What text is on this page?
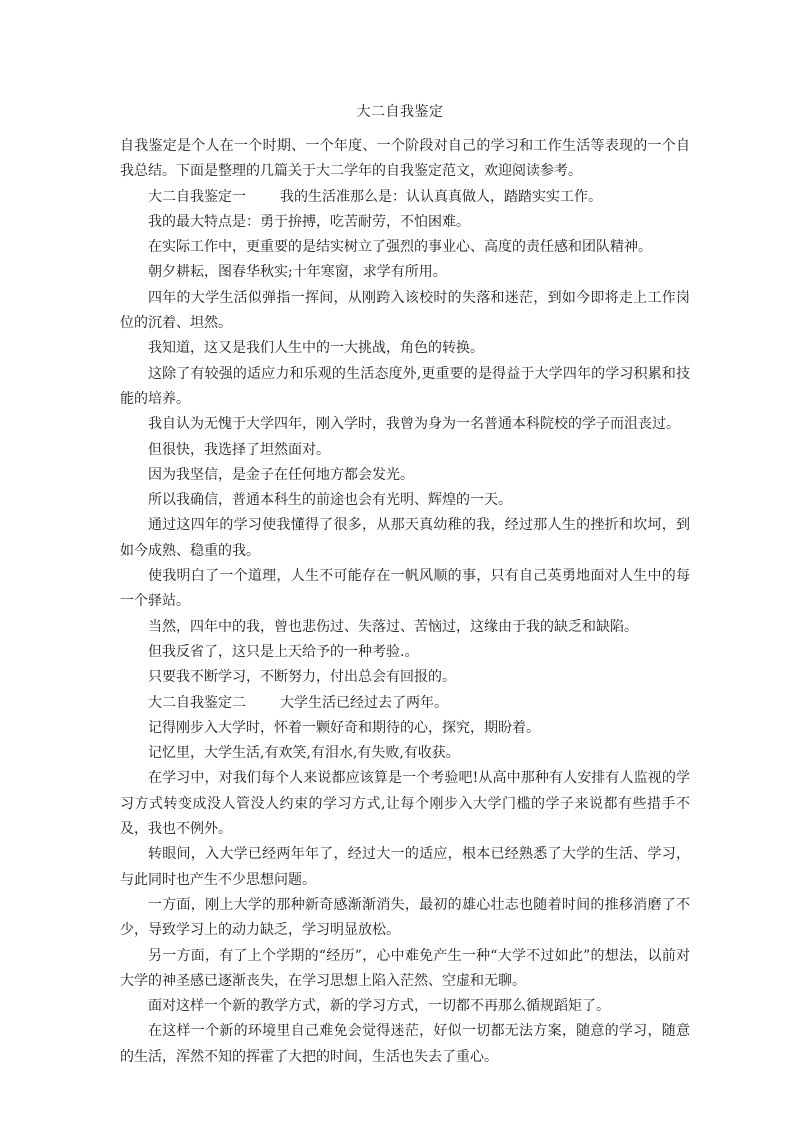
大二自我鉴定

自我鉴定是个人在一个时期、一个年度、一个阶段对自己的学习和工作生活等表现的一个自我总结。下面是整理的几篇关于大二学年的自我鉴定范文，欢迎阅读参考。

大二自我鉴定一 我的生活准那么是：认认真真做人，踏踏实实工作。

我的最大特点是：勇于拚搏，吃苦耐劳，不怕困难。

在实际工作中，更重要的是结实树立了强烈的事业心、高度的责任感和团队精神。

朝夕耕耘，图春华秋实;十年寒窗，求学有所用。

四年的大学生活似弹指一挥间，从刚跨入该校时的失落和迷茫，到如今即将走上工作岗位的沉着、坦然。

我知道，这又是我们人生中的一大挑战，角色的转换。

这除了有较强的适应力和乐观的生活态度外,更重要的是得益于大学四年的学习积累和技能的培养。

我自认为无愧于大学四年，刚入学时，我曾为身为一名普通本科院校的学子而沮丧过。

但很快，我选择了坦然面对。

因为我坚信，是金子在任何地方都会发光。

所以我确信，普通本科生的前途也会有光明、辉煌的一天。

通过这四年的学习使我懂得了很多，从那天真幼稚的我，经过那人生的挫折和坎坷，到如今成熟、稳重的我。

使我明白了一个道理，人生不可能存在一帆风顺的事，只有自己英勇地面对人生中的每一个驿站。

当然，四年中的我，曾也悲伤过、失落过、苦恼过，这缘由于我的缺乏和缺陷。

但我反省了，这只是上天给予的一种考验.。

只要我不断学习，不断努力，付出总会有回报的。

大二自我鉴定二 大学生活已经过去了两年。

记得刚步入大学时，怀着一颗好奇和期待的心，探究，期盼着。

记忆里，大学生活,有欢笑,有泪水,有失败,有收获。

在学习中，对我们每个人来说都应该算是一个考验吧!从高中那种有人安排有人监视的学习方式转变成没人管没人约束的学习方式,让每个刚步入大学门槛的学子来说都有些措手不及，我也不例外。

转眼间，入大学已经两年年了，经过大一的适应，根本已经熟悉了大学的生活、学习，与此同时也产生不少思想问题。

一方面，刚上大学的那种新奇感渐渐消失，最初的雄心壮志也随着时间的推移消磨了不少，导致学习上的动力缺乏，学习明显放松。

另一方面，有了上个学期的“经历”，心中难免产生一种“大学不过如此”的想法，以前对大学的神圣感已逐渐丧失，在学习思想上陷入茫然、空虚和无聊。

面对这样一个新的教学方式，新的学习方式，一切都不再那么循规蹈矩了。

在这样一个新的环境里自己难免会觉得迷茫，好似一切都无法方案，随意的学习，随意的生活，浑然不知的挥霍了大把的时间，生活也失去了重心。
